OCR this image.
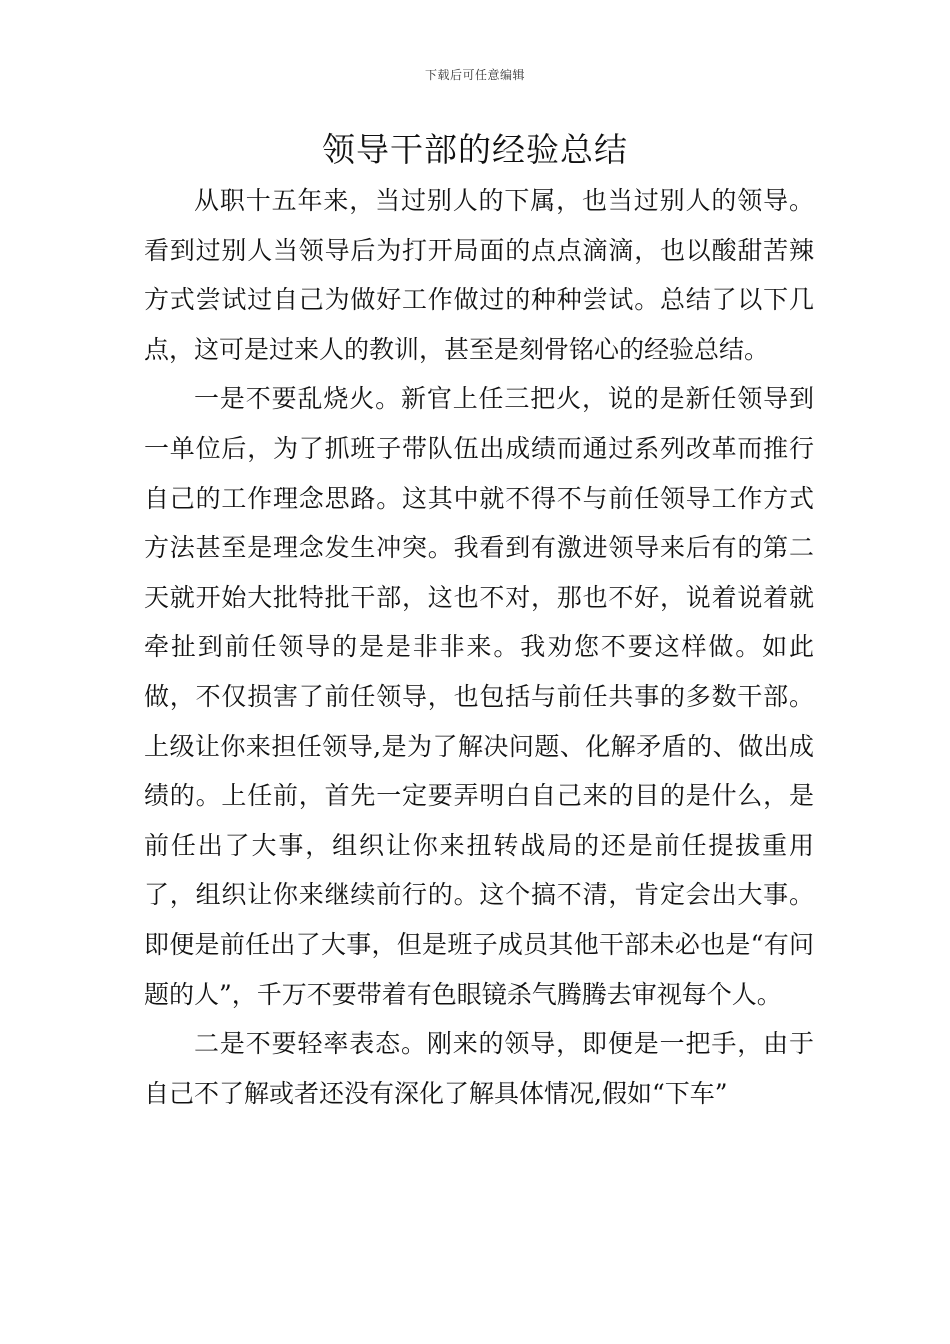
下载后可任意编辑
领导干部的经验总结

从职十五年来，当过别人的下属，也当过别人的领导。看到过别人当领导后为打开局面的点点滴滴，也以酸甜苦辣方式尝试过自己为做好工作做过的种种尝试。总结了以下几点，这可是过来人的教训，甚至是刻骨铭心的经验总结。

一是不要乱烧火。新官上任三把火，说的是新任领导到一单位后，为了抓班子带队伍出成绩而通过系列改革而推行自己的工作理念思路。这其中就不得不与前任领导工作方式方法甚至是理念发生冲突。我看到有激进领导来后有的第二天就开始大批特批干部，这也不对，那也不好，说着说着就牵扯到前任领导的是是非非来。我劝您不要这样做。如此做，不仅损害了前任领导，也包括与前任共事的多数干部。上级让你来担任领导,是为了解决问题、化解矛盾的、做出成绩的。上任前，首先一定要弄明白自己来的目的是什么，是前任出了大事，组织让你来扭转战局的还是前任提拔重用了，组织让你来继续前行的。这个搞不清，肯定会出大事。即便是前任出了大事，但是班子成员其他干部未必也是“有问题的人”，千万不要带着有色眼镜杀气腾腾去审视每个人。

二是不要轻率表态。刚来的领导，即便是一把手，由于自己不了解或者还没有深化了解具体情况,假如“下车”
